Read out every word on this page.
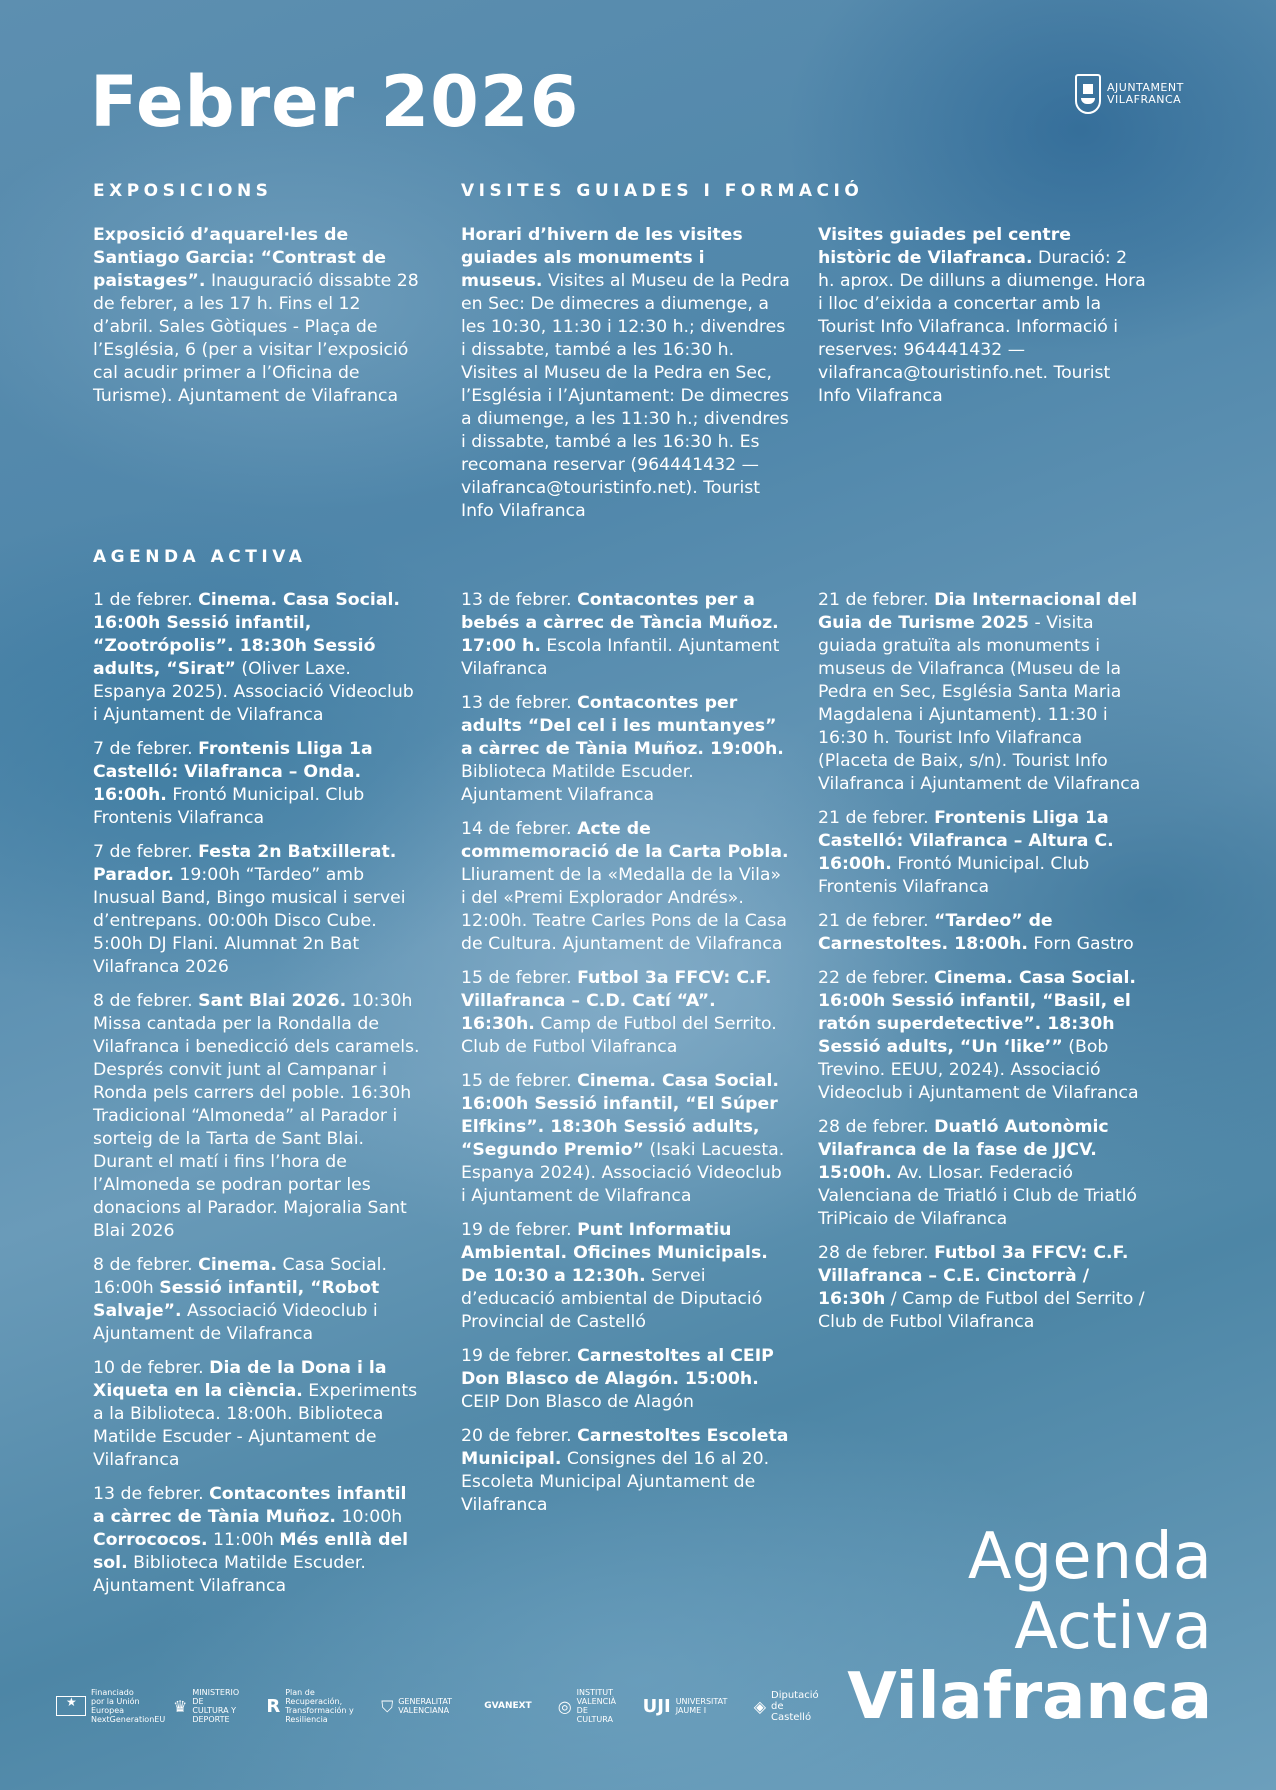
Febrer 2026	AJUNTAMENT
VILAFRANCA
EXPOSICIONS	VISITES GUIADES I FORMACIÓ
AGENDA ACTIVA

Exposició d’aquarel·les de Santiago Garcia: “Contrast de paistages”. Inauguració dissabte 28 de febrer, a les 17 h. Fins el 12 d’abril. Sales Gòtiques - Plaça de l’Església, 6 (per a visitar l’exposició cal acudir primer a l’Oficina de Turisme). Ajuntament de Vilafranca

Horari d’hivern de les visites guiades als monuments i museus. Visites al Museu de la Pedra en Sec: De dimecres a diumenge, a les 10:30, 11:30 i 12:30 h.; divendres i dissabte, també a les 16:30 h. Visites al Museu de la Pedra en Sec, l’Església i l’Ajuntament: De dimecres a diumenge, a les 11:30 h.; divendres i dissabte, també a les 16:30 h. Es recomana reservar (964441432 — vilafranca@touristinfo.net). Tourist Info Vilafranca

Visites guiades pel centre històric de Vilafranca. Duració: 2 h. aprox. De dilluns a diumenge. Hora i lloc d’eixida a concertar amb la Tourist Info Vilafranca. Informació i reserves: 964441432 — vilafranca@touristinfo.net. Tourist Info Vilafranca

1 de febrer. Cinema. Casa Social. 16:00h Sessió infantil, “Zootrópolis”. 18:30h Sessió adults, “Sirat” (Oliver Laxe. Espanya 2025). Associació Videoclub i Ajuntament de Vilafranca

7 de febrer. Frontenis Lliga 1a Castelló: Vilafranca – Onda. 16:00h. Frontó Municipal. Club Frontenis Vilafranca

7 de febrer. Festa 2n Batxillerat. Parador. 19:00h “Tardeo” amb Inusual Band, Bingo musical i servei d’entrepans. 00:00h Disco Cube. 5:00h DJ Flani. Alumnat 2n Bat Vilafranca 2026

8 de febrer. Sant Blai 2026. 10:30h Missa cantada per la Rondalla de Vilafranca i benedicció dels caramels. Després convit junt al Campanar i Ronda pels carrers del poble. 16:30h Tradicional “Almoneda” al Parador i sorteig de la Tarta de Sant Blai. Durant el matí i fins l’hora de l’Almoneda se podran portar les donacions al Parador. Majoralia Sant Blai 2026

8 de febrer. Cinema. Casa Social. 16:00h Sessió infantil, “Robot Salvaje”. Associació Videoclub i Ajuntament de Vilafranca

10 de febrer. Dia de la Dona i la Xiqueta en la ciència. Experiments a la Biblioteca. 18:00h. Biblioteca Matilde Escuder - Ajuntament de Vilafranca

13 de febrer. Contacontes infantil a càrrec de Tània Muñoz. 10:00h Corrococos. 11:00h Més enllà del sol. Biblioteca Matilde Escuder. Ajuntament Vilafranca

13 de febrer. Contacontes per a bebés a càrrec de Tància Muñoz. 17:00 h. Escola Infantil. Ajuntament Vilafranca

13 de febrer. Contacontes per adults “Del cel i les muntanyes” a càrrec de Tània Muñoz. 19:00h. Biblioteca Matilde Escuder. Ajuntament Vilafranca

14 de febrer. Acte de commemoració de la Carta Pobla. Lliurament de la «Medalla de la Vila» i del «Premi Explorador Andrés». 12:00h. Teatre Carles Pons de la Casa de Cultura. Ajuntament de Vilafranca

15 de febrer. Futbol 3a FFCV: C.F. Villafranca – C.D. Catí “A”. 16:30h. Camp de Futbol del Serrito. Club de Futbol Vilafranca

15 de febrer. Cinema. Casa Social. 16:00h Sessió infantil, “El Súper Elfkins”. 18:30h Sessió adults, “Segundo Premio” (Isaki Lacuesta. Espanya 2024). Associació Videoclub i Ajuntament de Vilafranca

19 de febrer. Punt Informatiu Ambiental. Oficines Municipals. De 10:30 a 12:30h. Servei d’educació ambiental de Diputació Provincial de Castelló

19 de febrer. Carnestoltes al CEIP Don Blasco de Alagón. 15:00h. CEIP Don Blasco de Alagón

20 de febrer. Carnestoltes Escoleta Municipal. Consignes del 16 al 20. Escoleta Municipal Ajuntament de Vilafranca

21 de febrer. Dia Internacional del Guia de Turisme 2025 - Visita guiada gratuïta als monuments i museus de Vilafranca (Museu de la Pedra en Sec, Església Santa Maria Magdalena i Ajuntament). 11:30 i 16:30 h. Tourist Info Vilafranca (Placeta de Baix, s/n). Tourist Info Vilafranca i Ajuntament de Vilafranca

21 de febrer. Frontenis Lliga 1a Castelló: Vilafranca – Altura C. 16:00h. Frontó Municipal. Club Frontenis Vilafranca

21 de febrer. “Tardeo” de Carnestoltes. 18:00h. Forn Gastro

22 de febrer. Cinema. Casa Social. 16:00h Sessió infantil, “Basil, el ratón superdetective”. 18:30h Sessió adults, “Un ‘like’” (Bob Trevino. EEUU, 2024). Associació Videoclub i Ajuntament de Vilafranca

28 de febrer. Duatló Autonòmic Vilafranca de la fase de JJCV. 15:00h. Av. Llosar. Federació Valenciana de Triatló i Club de Triatló TriPicaio de Vilafranca

28 de febrer. Futbol 3a FFCV: C.F. Villafranca – C.E. Cinctorrà / 16:30h / Camp de Futbol del Serrito / Club de Futbol Vilafranca

Agenda
Activa
Vilafranca
★
Financiado por la Unión Europea NextGenerationEU
♛
MINISTERIO DE CULTURA Y DEPORTE
R
Plan de Recuperación, Transformación y Resiliencia
⛉ GENERALITAT VALENCIANA	GVANEXT ◎
INSTITUT VALENCIÀ DE CULTURA
UJI UNIVERSITAT JAUME I	◈
Diputació de Castelló
